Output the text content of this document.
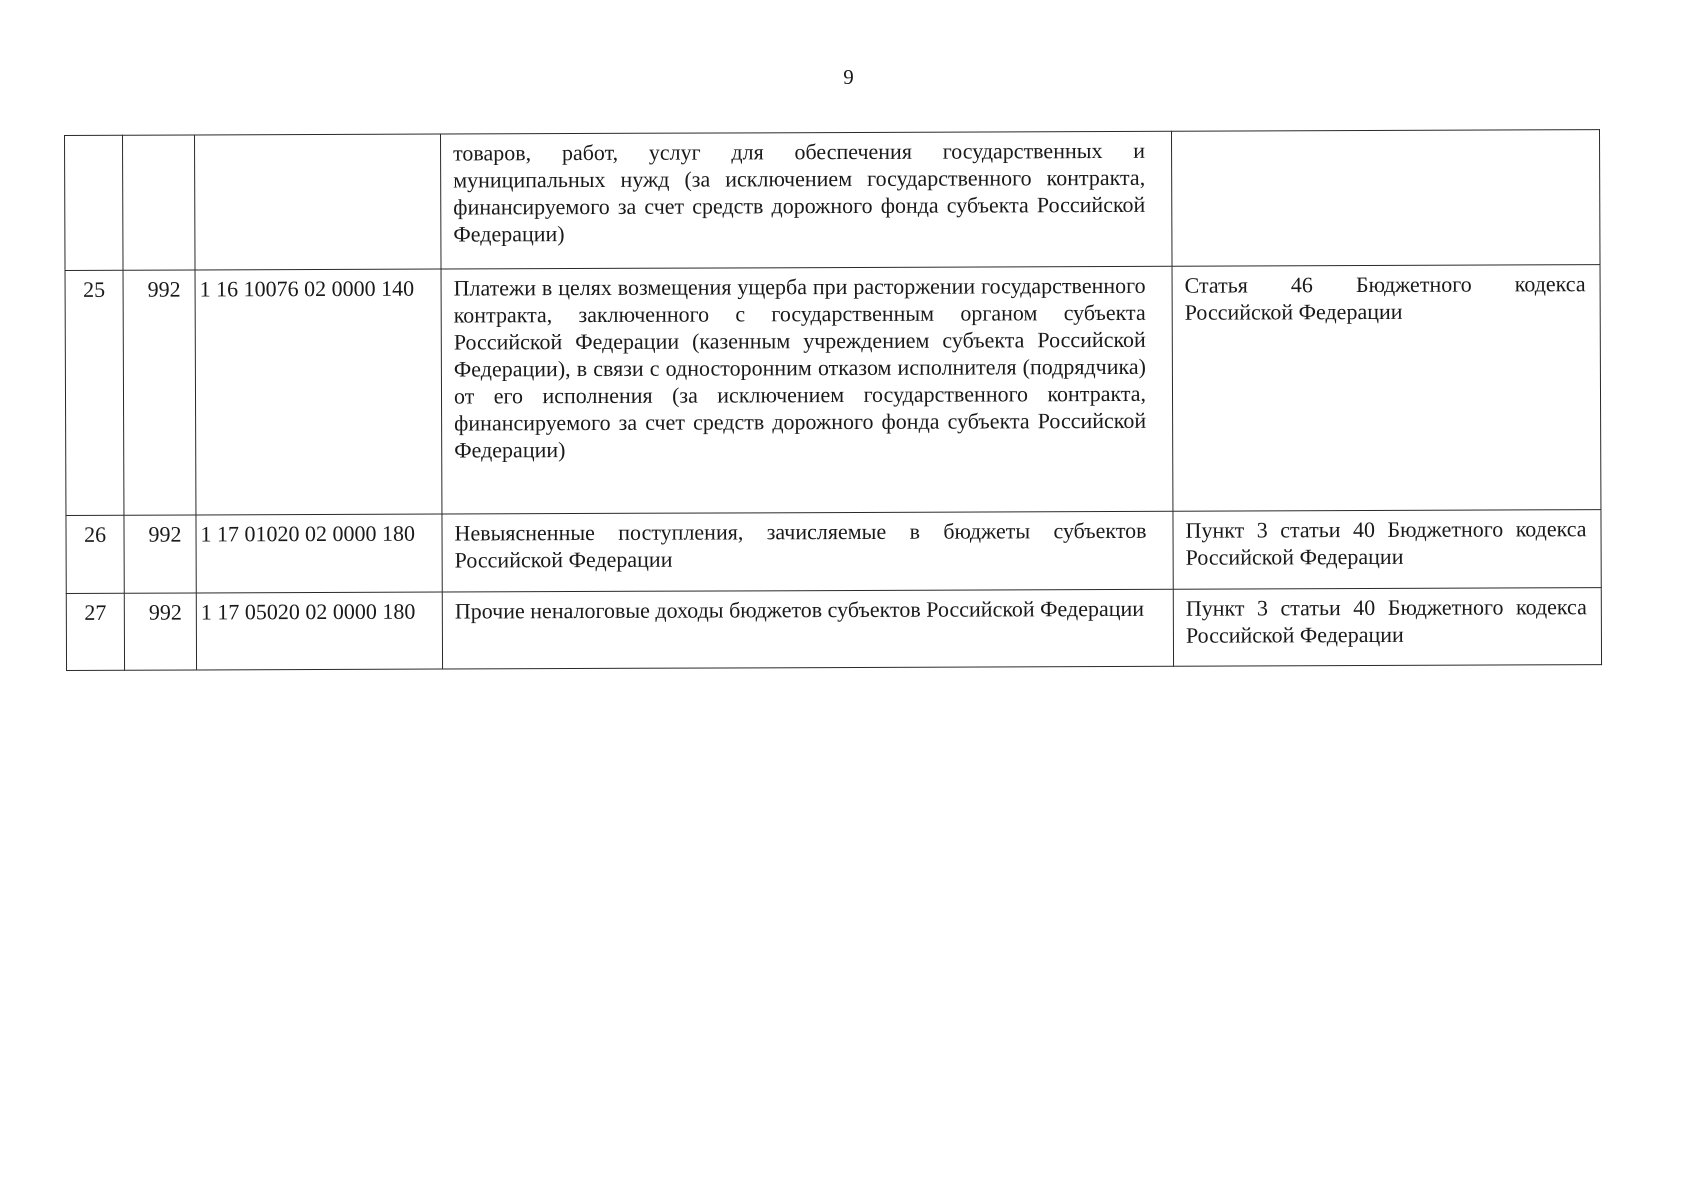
9
			товаров, работ, услуг для обеспечения государственных и муниципальных нужд (за исключением государственного контракта, финансируемого за счет средств дорожного фонда субъекта Российской Федерации)	
25	992	1 16 10076 02 0000 140	Платежи в целях возмещения ущерба при расторжении государственного контракта, заключенного с государственным органом субъекта Российской Федерации (казенным учреждением субъекта Российской Федерации), в связи с односторонним отказом исполнителя (подрядчика) от его исполнения (за исключением государственного контракта, финансируемого за счет средств дорожного фонда субъекта Российской Федерации)	Статья 46 Бюджетного кодекса Российской Федерации
26	992	1 17 01020 02 0000 180	Невыясненные поступления, зачисляемые в бюджеты субъектов Российской Федерации	Пункт 3 статьи 40 Бюджетного кодекса Российской Федерации
27	992	1 17 05020 02 0000 180	Прочие неналоговые доходы бюджетов субъектов Российской Федерации	Пункт 3 статьи 40 Бюджетного кодекса Российской Федерации
